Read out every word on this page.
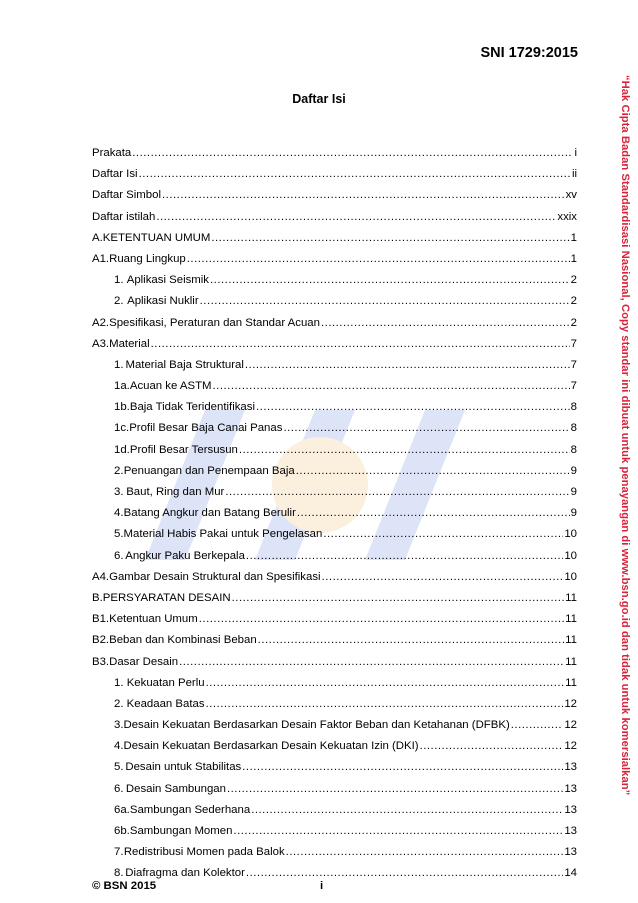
SNI 1729:2015
“Hak Cipta Badan Standardisasi Nasional, Copy standar ini dibuat untuk penayangan di www.bsn.go.id dan tidak untuk komersialkan”
Daftar Isi
Prakata .....	i
Daftar Isi .....	ii
Daftar Simbol .....	xv
Daftar istilah .....	xxix
A. KETENTUAN UMUM .....	1
A1. Ruang Lingkup .....	1
1. Aplikasi Seismik .....	2
2. Aplikasi Nuklir .....	2
A2. Spesifikasi, Peraturan dan Standar Acuan .....	2
A3. Material .....	7
1. Material Baja Struktural .....	7
1a. Acuan ke ASTM .....	7
1b. Baja Tidak Teridentifikasi .....	8
1c. Profil Besar Baja Canai Panas .....	8
1d. Profil Besar Tersusun .....	8
2. Penuangan dan Penempaan Baja .....	9
3. Baut, Ring dan Mur .....	9
4. Batang Angkur dan Batang Berulir .....	9
5. Material Habis Pakai untuk Pengelasan .....	10
6. Angkur Paku Berkepala .....	10
A4. Gambar Desain Struktural dan Spesifikasi .....	10
B. PERSYARATAN DESAIN .....	11
B1. Ketentuan Umum .....	11
B2. Beban dan Kombinasi Beban .....	11
B3. Dasar Desain .....	11
1. Kekuatan Perlu .....	11
2. Keadaan Batas .....	12
3. Desain Kekuatan Berdasarkan Desain Faktor Beban dan Ketahanan (DFBK) .....	12
4. Desain Kekuatan Berdasarkan Desain Kekuatan Izin (DKI) .....	12
5. Desain untuk Stabilitas .....	13
6. Desain Sambungan .....	13
6a. Sambungan Sederhana .....	13
6b. Sambungan Momen .....	13
7. Redistribusi Momen pada Balok .....	13
8. Diafragma dan Kolektor .....	14
© BSN 2015	i
